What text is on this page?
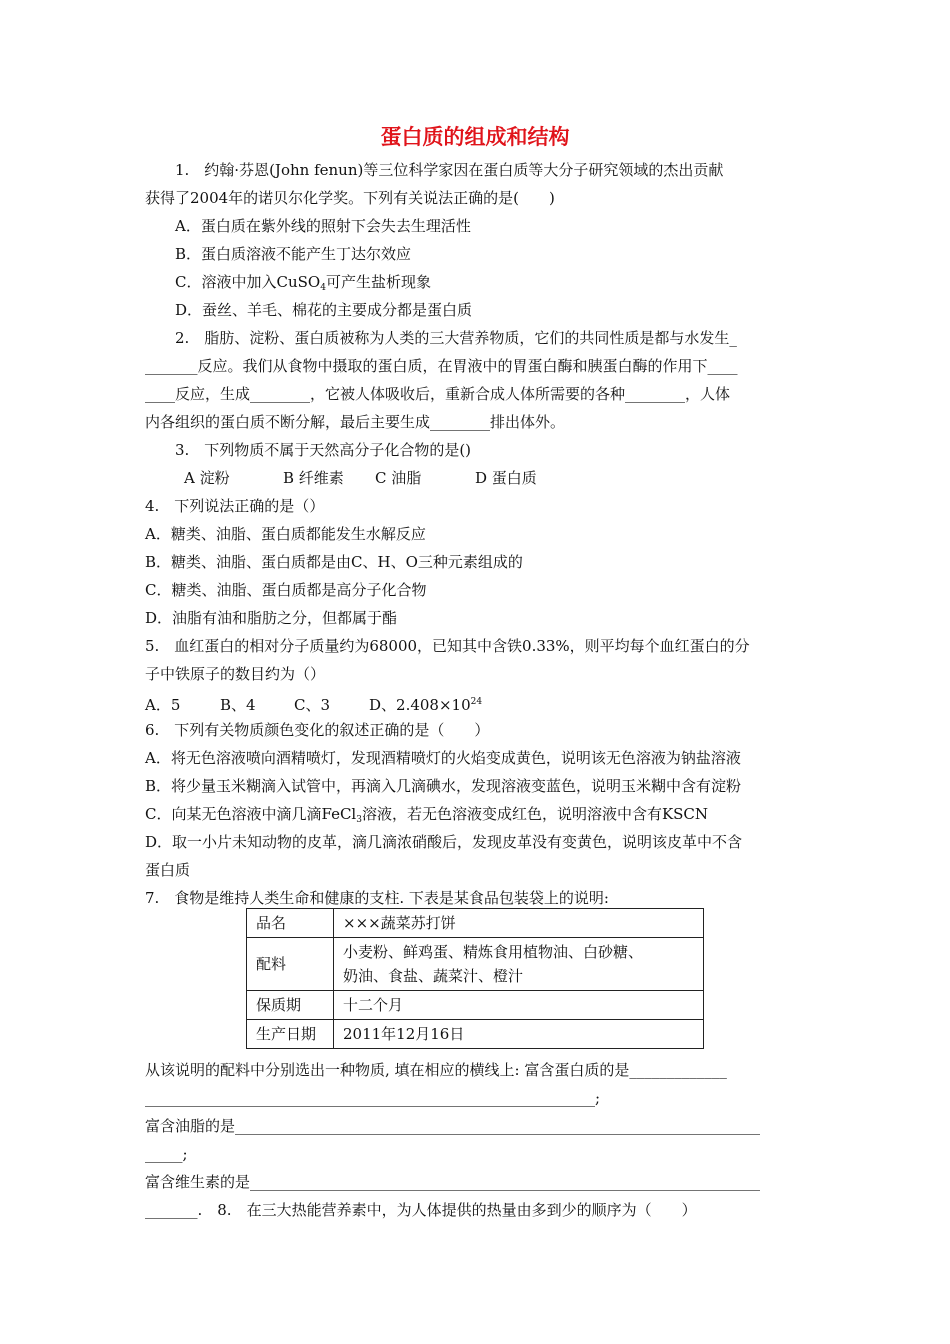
蛋白质的组成和结构
1.　约翰·芬恩(John fenun)等三位科学家因在蛋白质等大分子研究领域的杰出贡献
获得了2004年的诺贝尔化学奖。下列有关说法正确的是(　　)
A．蛋白质在紫外线的照射下会失去生理活性
B．蛋白质溶液不能产生丁达尔效应
C．溶液中加入CuSO$_4$可产生盐析现象
D．蚕丝、羊毛、棉花的主要成分都是蛋白质
2.　脂肪、淀粉、蛋白质被称为人类的三大营养物质，它们的共同性质是都与水发生_
_______反应。我们从食物中摄取的蛋白质，在胃液中的胃蛋白酶和胰蛋白酶的作用下____
____反应，生成________，它被人体吸收后，重新合成人体所需要的各种________，人体
内各组织的蛋白质不断分解，最后主要生成________排出体外。
3.　下列物质不属于天然高分子化合物的是()
A 淀粉	B 纤维素 C 油脂	D 蛋白质
4.　下列说法正确的是（）
A．糖类、油脂、蛋白质都能发生水解反应
B．糖类、油脂、蛋白质都是由C、H、O三种元素组成的
C．糖类、油脂、蛋白质都是高分子化合物
D．油脂有油和脂肪之分，但都属于酯
5.　血红蛋白的相对分子质量约为68000，已知其中含铁0.33%，则平均每个血红蛋白的分
子中铁原子的数目约为（）
A．5	B、4	C、3	D、$2.408\times 10^{24}$
6.　下列有关物质颜色变化的叙述正确的是（　　）
A．将无色溶液喷向酒精喷灯，发现酒精喷灯的火焰变成黄色，说明该无色溶液为钠盐溶液
B．将少量玉米糊滴入试管中，再滴入几滴碘水，发现溶液变蓝色，说明玉米糊中含有淀粉
C．向某无色溶液中滴几滴FeCl$_3$溶液，若无色溶液变成红色，说明溶液中含有KSCN
D．取一小片未知动物的皮革，滴几滴浓硝酸后，发现皮革没有变黄色，说明该皮革中不含
蛋白质
7.　食物是维持人类生命和健康的支柱. 下表是某食品包装袋上的说明:
品名	×××蔬菜苏打饼
配料	小麦粉、鲜鸡蛋、精炼食用植物油、白砂糖、
奶油、食盐、蔬菜汁、橙汁

保质期	十二个月
生产日期	2011年12月16日
从该说明的配料中分别选出一种物质, 填在相应的横线上: 富含蛋白质的是_____________
____________________________________________________________;
富含油脂的是______________________________________________________________________
_____;
富含维生素的是____________________________________________________________________
_______.　8.　在三大热能营养素中，为人体提供的热量由多到少的顺序为（　　）
